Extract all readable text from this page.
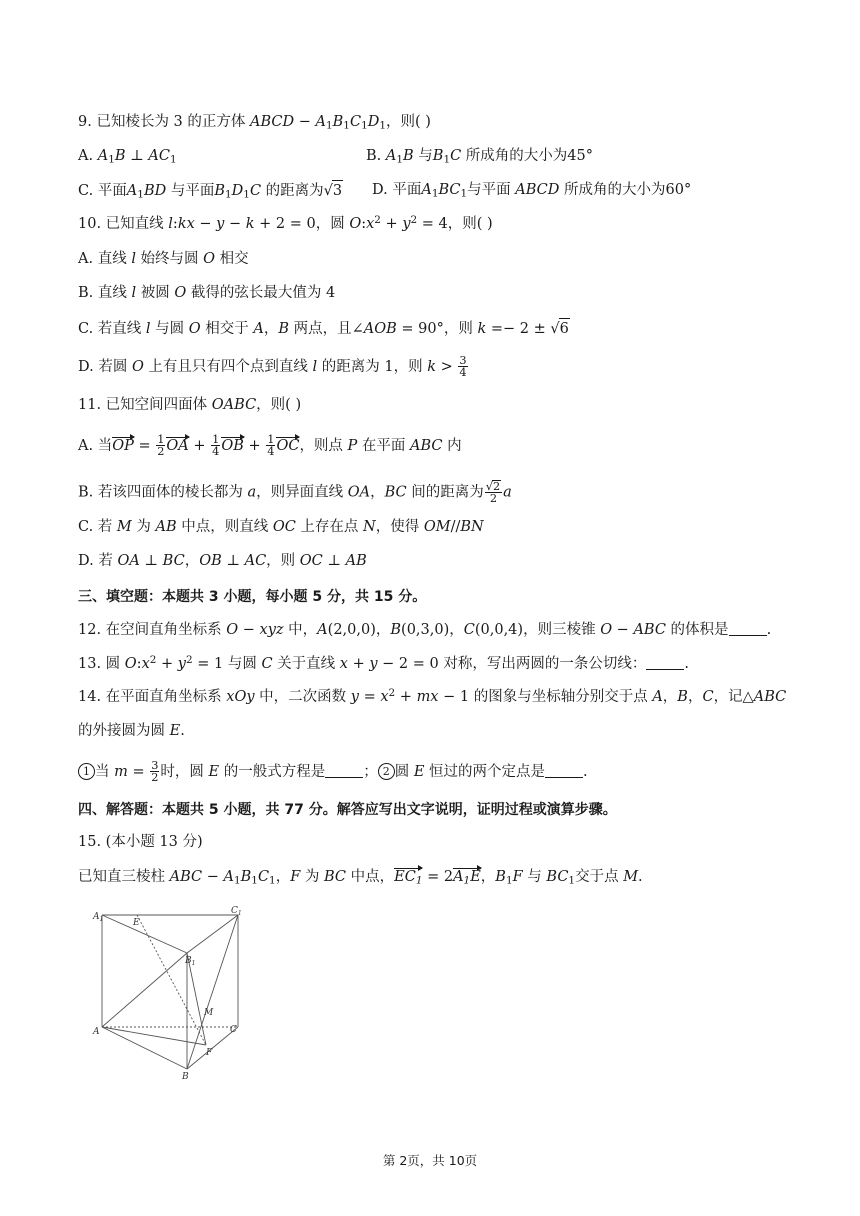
9. 已知棱长为 3 的正方体 ABCD − $A_1B_1C_1D_1$，则( )
A. $A_1B$ ⊥ $AC_1$	B. $A_1B$ 与$B_1C$ 所成角的大小为45°
C. 平面$A_1BD$ 与平面$B_1D_1C$ 的距离为√3 D. 平面$A_1BC_1$与平面 ABCD 所成角的大小为60°
10. 已知直线 l:kx − y − k + 2 = 0，圆 $O:x^2 + y^2 = 4$，则( )
A. 直线 l 始终与圆 O 相交
B. 直线 l 被圆 O 截得的弦长最大值为 4
C. 若直线 l 与圆 O 相交于 A，B 两点，且∠AOB = 90°，则 k =− 2 ± √6
D. 若圆 O 上有且只有四个点到直线 l 的距离为 1，则 $k > \frac{3}{4}$
11. 已知空间四面体 OABC，则( )
A. 当OP = $\frac{1}{2}$ OA + $\frac{1}{4}$ OB + $\frac{1}{4}$ OC，则点 P 在平面 ABC 内
B. 若该四面体的棱长都为 a，则异面直线 OA，BC 间的距离为 $\frac{√2}{2}$ a
C. 若 M 为 AB 中点，则直线 OC 上存在点 N，使得 OM//BN
D. 若 OA ⊥ BC，OB ⊥ AC，则 OC ⊥ AB
三、填空题：本题共 3 小题，每小题 5 分，共 15 分。
12. 在空间直角坐标系 O − xyz 中，A(2,0,0)，B(0,3,0)，C(0,0,4)，则三棱锥 O − ABC 的体积是	.
13. 圆 $O:x^2 + y^2 = 1$ 与圆 C 关于直线 x + y − 2 = 0 对称，写出两圆的一条公切线：	.
14. 在平面直角坐标系 xOy 中，二次函数 $y = x^2$ + mx − 1 的图象与坐标轴分别交于点 A，B，C，记△ABC
的外接圆为圆 E.
1 当 $m = \frac{3}{2}$ 时，圆 E 的一般式方程是	； 2 圆 E 恒过的两个定点是	.
四、解答题：本题共 5 小题，共 77 分。解答应写出文字说明，证明过程或演算步骤。
15. (本小题 13 分)
已知直三棱柱 ABC − $A_1B_1C_1$，F 为 BC 中点，$EC_1 = 2A_1E$，$B_1F$ 与 $BC_1$交于点 M.
$A_1$	E
$C_1$
$B_1$
M
A	C
F
B
第 2页，共 10页
